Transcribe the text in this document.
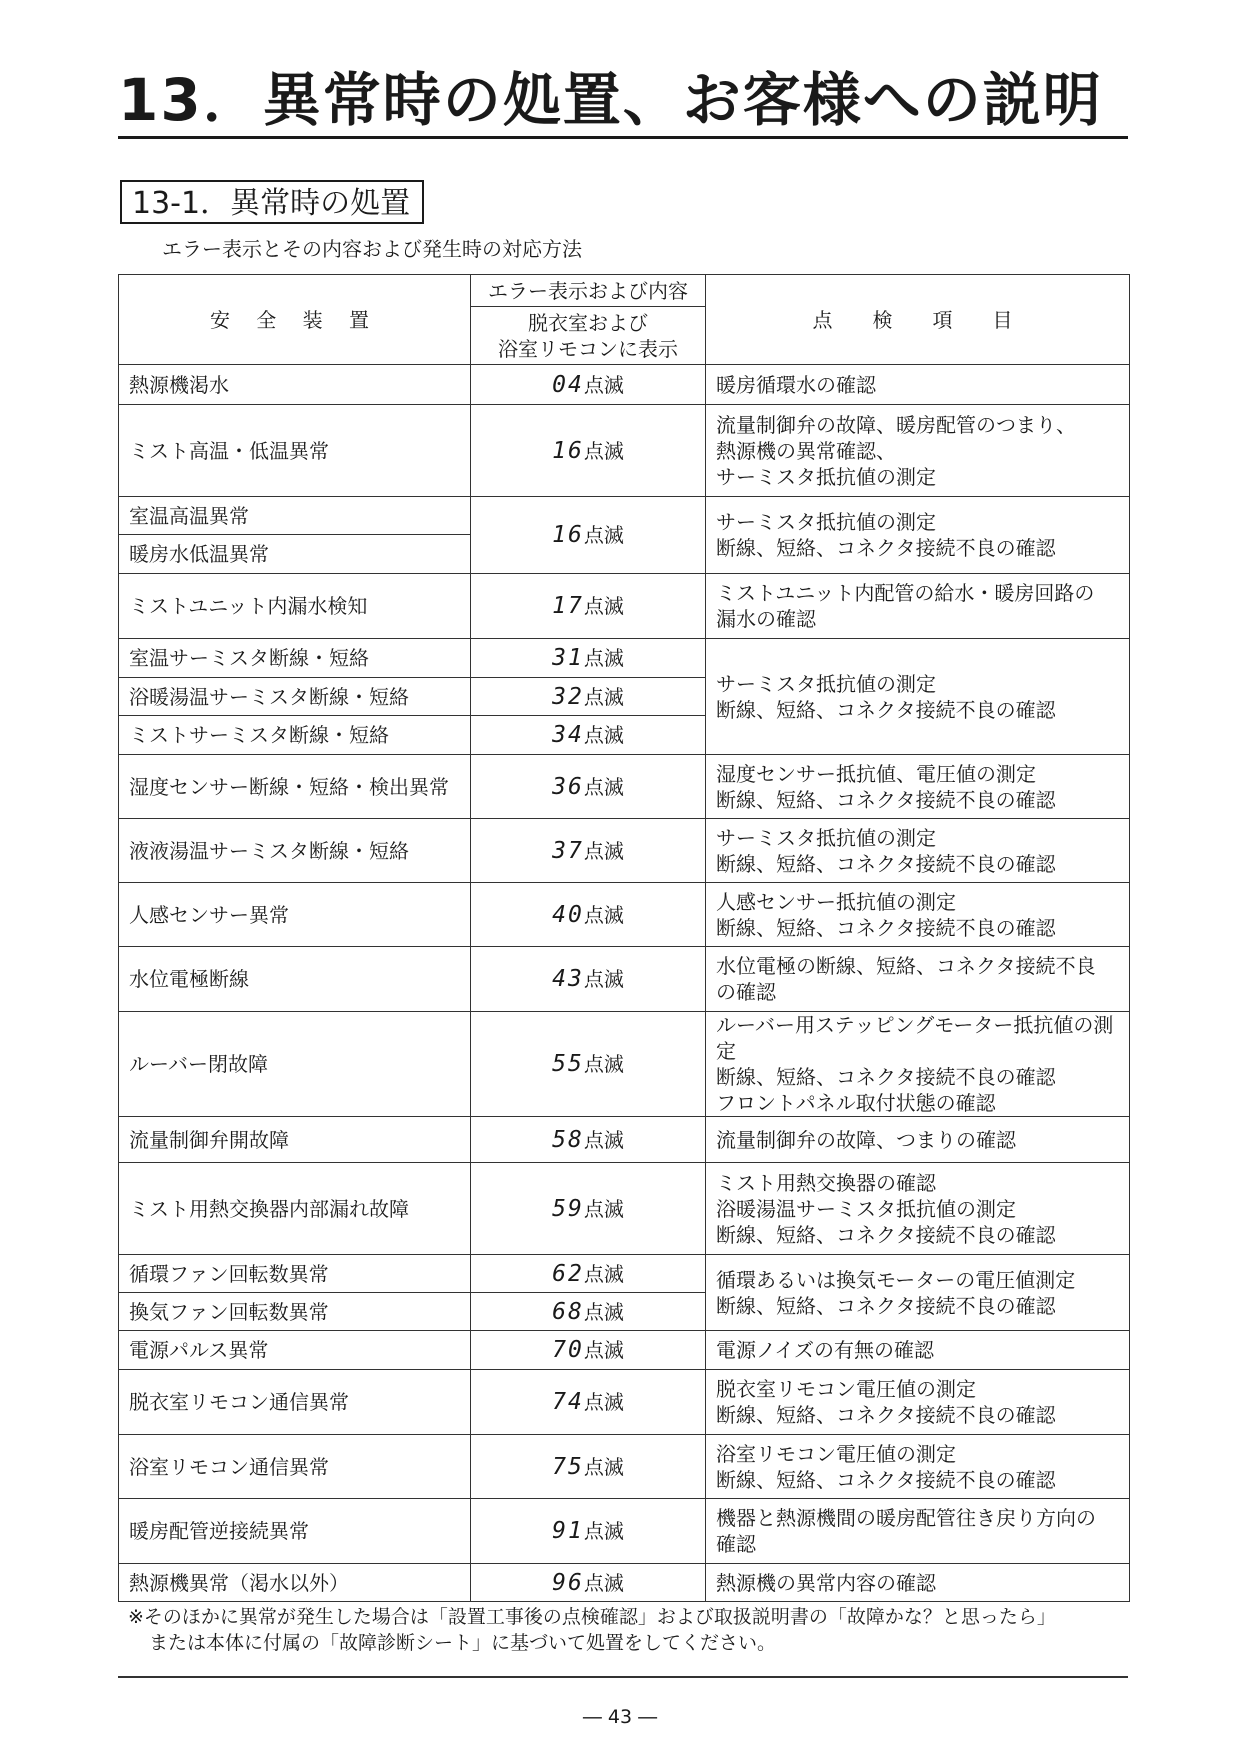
13．異常時の処置、お客様への説明
13-1．異常時の処置
エラー表示とその内容および発生時の対応方法
安 全 装 置	エラー表示および内容	点　検　項　目
	脱衣室および
浴室リモコンに表示	
熱源機渇水	04点滅	暖房循環水の確認
ミスト高温・低温異常	16点滅	流量制御弁の故障、暖房配管のつまり、
熱源機の異常確認、
サーミスタ抵抗値の測定
室温高温異常	16点滅	サーミスタ抵抗値の測定
断線、短絡、コネクタ接続不良の確認
暖房水低温異常		
ミストユニット内漏水検知	17点滅	ミストユニット内配管の給水・暖房回路の
漏水の確認
室温サーミスタ断線・短絡	31点滅	サーミスタ抵抗値の測定
断線、短絡、コネクタ接続不良の確認
浴暖湯温サーミスタ断線・短絡	32点滅	
ミストサーミスタ断線・短絡	34点滅	
湿度センサー断線・短絡・検出異常	36点滅	湿度センサー抵抗値、電圧値の測定
断線、短絡、コネクタ接続不良の確認
液液湯温サーミスタ断線・短絡	37点滅	サーミスタ抵抗値の測定
断線、短絡、コネクタ接続不良の確認
人感センサー異常	40点滅	人感センサー抵抗値の測定
断線、短絡、コネクタ接続不良の確認
水位電極断線	43点滅	水位電極の断線、短絡、コネクタ接続不良
の確認
ルーバー閉故障	55点滅	ルーバー用ステッピングモーター抵抗値の測定
断線、短絡、コネクタ接続不良の確認
フロントパネル取付状態の確認
流量制御弁開故障	58点滅	流量制御弁の故障、つまりの確認
ミスト用熱交換器内部漏れ故障	59点滅	ミスト用熱交換器の確認
浴暖湯温サーミスタ抵抗値の測定
断線、短絡、コネクタ接続不良の確認
循環ファン回転数異常	62点滅	循環あるいは換気モーターの電圧値測定
断線、短絡、コネクタ接続不良の確認
換気ファン回転数異常	68点滅	
電源パルス異常	70点滅	電源ノイズの有無の確認
脱衣室リモコン通信異常	74点滅	脱衣室リモコン電圧値の測定
断線、短絡、コネクタ接続不良の確認
浴室リモコン通信異常	75点滅	浴室リモコン電圧値の測定
断線、短絡、コネクタ接続不良の確認
暖房配管逆接続異常	91点滅	機器と熱源機間の暖房配管往き戻り方向の
確認
熱源機異常（渇水以外）	96点滅	熱源機の異常内容の確認

※そのほかに異常が発生した場合は「設置工事後の点検確認」および取扱説明書の「故障かな？と思ったら」

または本体に付属の「故障診断シート」に基づいて処置をしてください。

― 43 ―
